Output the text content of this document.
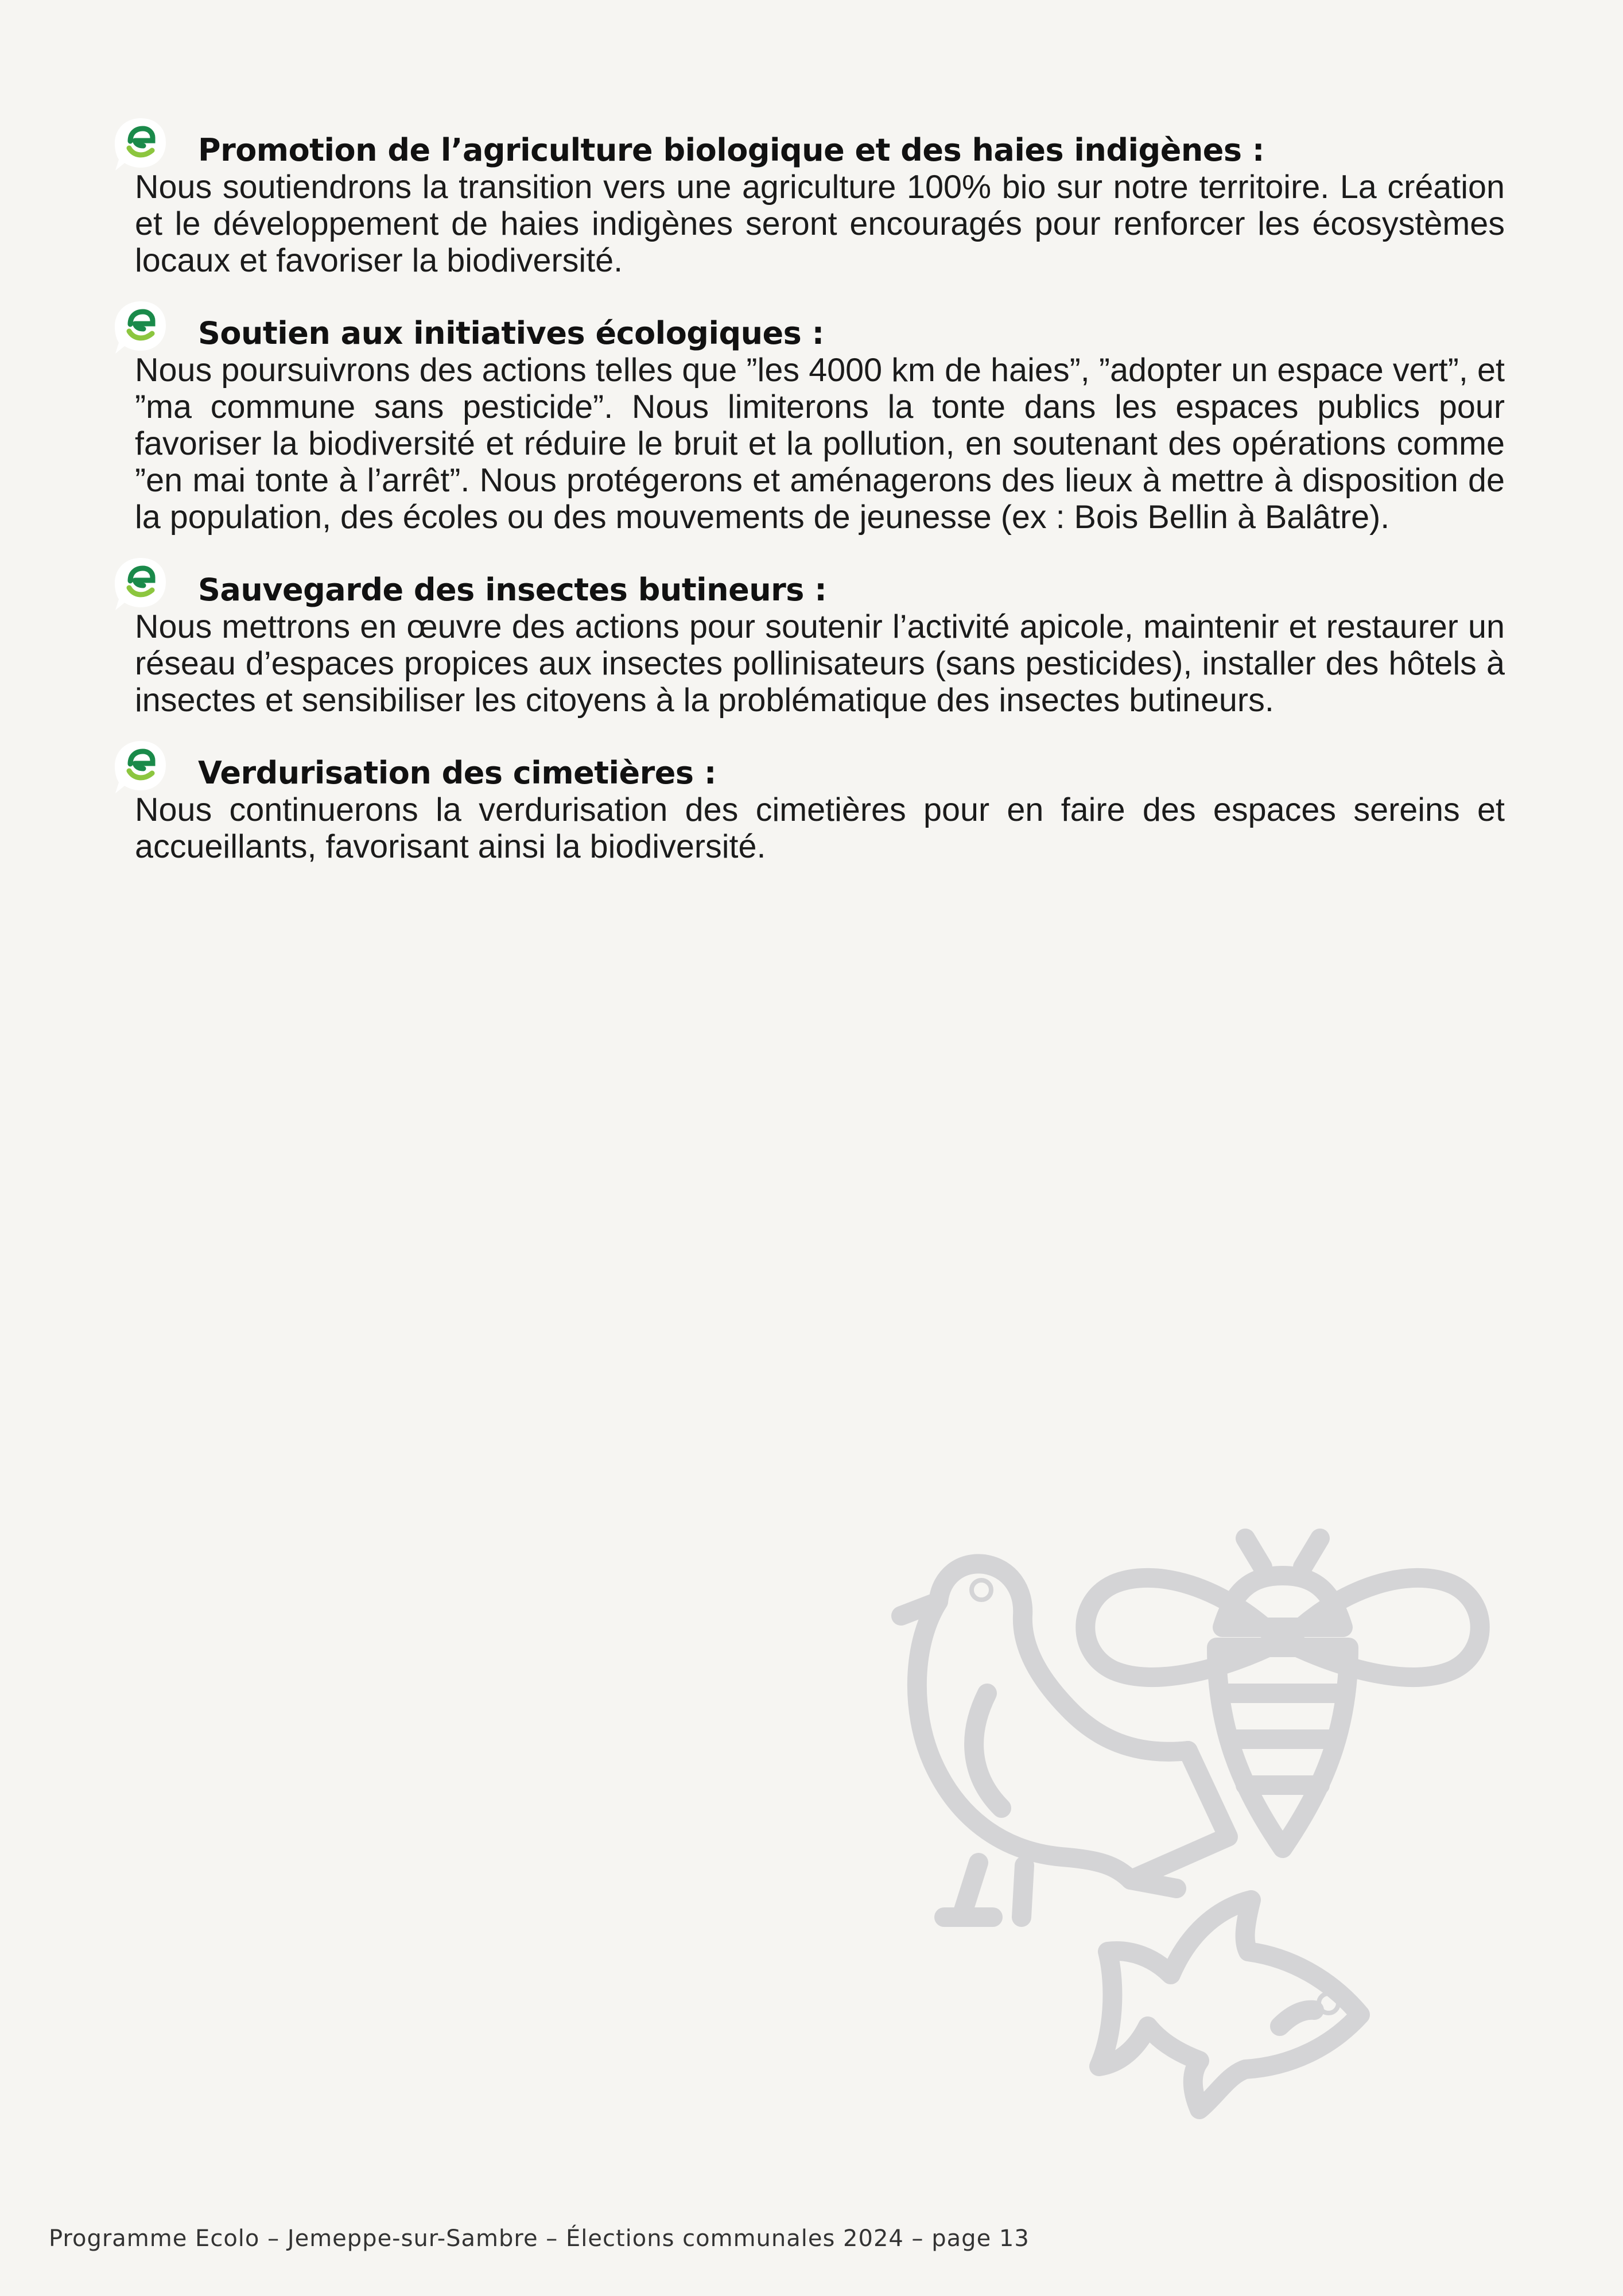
Promotion de l’agriculture biologique et des haies indigènes :

Nous soutiendrons la transition vers une agriculture 100% bio sur notre territoire. La création et le développement de haies indigènes seront encouragés pour renforcer les écosystèmes locaux et favoriser la biodiversité.

Soutien aux initiatives écologiques :

Nous poursuivrons des actions telles que ”les 4000 km de haies”, ”adopter un espace vert”, et ”ma commune sans pesticide”. Nous limiterons la tonte dans les espaces publics pour favoriser la biodiversité et réduire le bruit et la pollution, en soutenant des opérations comme ”en mai tonte à l’arrêt”. Nous protégerons et aménagerons des lieux à mettre à disposition de la population, des écoles ou des mouvements de jeunesse (ex : Bois Bellin à Balâtre).

Sauvegarde des insectes butineurs :

Nous mettrons en œuvre des actions pour soutenir l’activité apicole, maintenir et restaurer un réseau d’espaces propices aux insectes pollinisateurs (sans pesticides), installer des hôtels à insectes et sensibiliser les citoyens à la problématique des insectes butineurs.

Verdurisation des cimetières :

Nous continuerons la verdurisation des cimetières pour en faire des espaces sereins et accueillants, favorisant ainsi la biodiversité.

Programme Ecolo – Jemeppe-sur-Sambre – Élections communales 2024 – page 13
